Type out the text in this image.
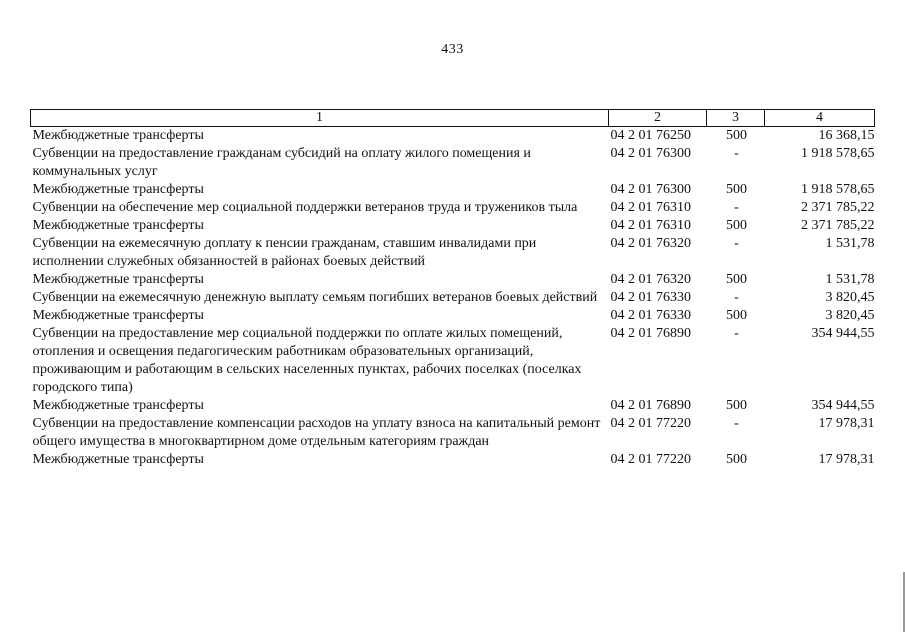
433
1	2	3	4
Межбюджетные трансферты	04 2 01 76250	500	16 368,15
Субвенции на предоставление гражданам субсидий на оплату жилого помещения и коммунальных услуг	04 2 01 76300	-	1 918 578,65
Межбюджетные трансферты	04 2 01 76300	500	1 918 578,65
Субвенции на обеспечение мер социальной поддержки ветеранов труда и тружеников тыла	04 2 01 76310	-	2 371 785,22
Межбюджетные трансферты	04 2 01 76310	500	2 371 785,22
Субвенции на ежемесячную доплату к пенсии гражданам, ставшим инвалидами при исполнении служебных обязанностей в районах боевых действий	04 2 01 76320	-	1 531,78
Межбюджетные трансферты	04 2 01 76320	500	1 531,78
Субвенции на ежемесячную денежную выплату семьям погибших ветеранов боевых действий	04 2 01 76330	-	3 820,45
Межбюджетные трансферты	04 2 01 76330	500	3 820,45
Субвенции на предоставление мер социальной поддержки по оплате жилых помещений, отопления и освещения педагогическим работникам образовательных организаций, проживающим и работающим в сельских населенных пунктах, рабочих поселках (поселках городского типа)	04 2 01 76890	-	354 944,55
Межбюджетные трансферты	04 2 01 76890	500	354 944,55
Субвенции на предоставление компенсации расходов на уплату взноса на капитальный ремонт общего имущества в многоквартирном доме отдельным категориям граждан	04 2 01 77220	-	17 978,31
Межбюджетные трансферты	04 2 01 77220	500	17 978,31
